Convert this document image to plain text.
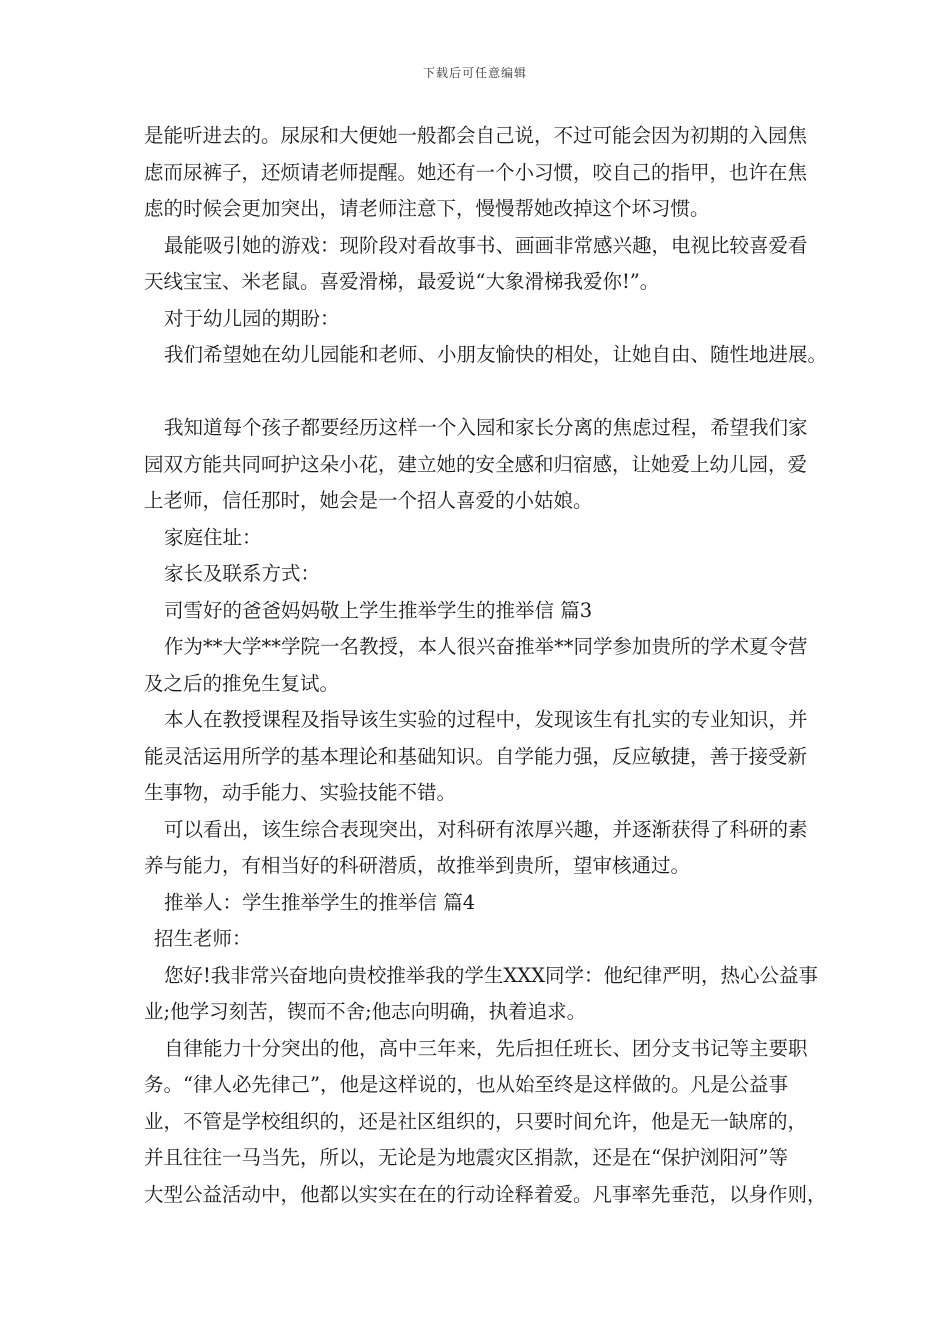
下载后可任意编辑
是能听进去的。尿尿和大便她一般都会自己说，不过可能会因为初期的入园焦
虑而尿裤子，还烦请老师提醒。她还有一个小习惯，咬自己的指甲，也许在焦
虑的时候会更加突出，请老师注意下，慢慢帮她改掉这个坏习惯。
最能吸引她的游戏：现阶段对看故事书、画画非常感兴趣，电视比较喜爱看
天线宝宝、米老鼠。喜爱滑梯，最爱说“大象滑梯我爱你!”。
对于幼儿园的期盼：
我们希望她在幼儿园能和老师、小朋友愉快的相处，让她自由、随性地进展。
我知道每个孩子都要经历这样一个入园和家长分离的焦虑过程，希望我们家
园双方能共同呵护这朵小花，建立她的安全感和归宿感，让她爱上幼儿园，爱
上老师，信任那时，她会是一个招人喜爱的小姑娘。
家庭住址：
家长及联系方式：
司雪好的爸爸妈妈敬上学生推举学生的推举信 篇3
作为**大学**学院一名教授，本人很兴奋推举**同学参加贵所的学术夏令营
及之后的推免生复试。
本人在教授课程及指导该生实验的过程中，发现该生有扎实的专业知识，并
能灵活运用所学的基本理论和基础知识。自学能力强，反应敏捷，善于接受新
生事物，动手能力、实验技能不错。
可以看出，该生综合表现突出，对科研有浓厚兴趣，并逐渐获得了科研的素
养与能力，有相当好的科研潜质，故推举到贵所，望审核通过。
推举人：学生推举学生的推举信 篇4
招生老师：
您好!我非常兴奋地向贵校推举我的学生XXX同学：他纪律严明，热心公益事
业;他学习刻苦，锲而不舍;他志向明确，执着追求。
自律能力十分突出的他，高中三年来，先后担任班长、团分支书记等主要职
务。“律人必先律己”，他是这样说的，也从始至终是这样做的。凡是公益事
业，不管是学校组织的，还是社区组织的，只要时间允许，他是无一缺席的，
并且往往一马当先，所以，无论是为地震灾区捐款，还是在“保护浏阳河”等
大型公益活动中，他都以实实在在的行动诠释着爱。凡事率先垂范，以身作则，
